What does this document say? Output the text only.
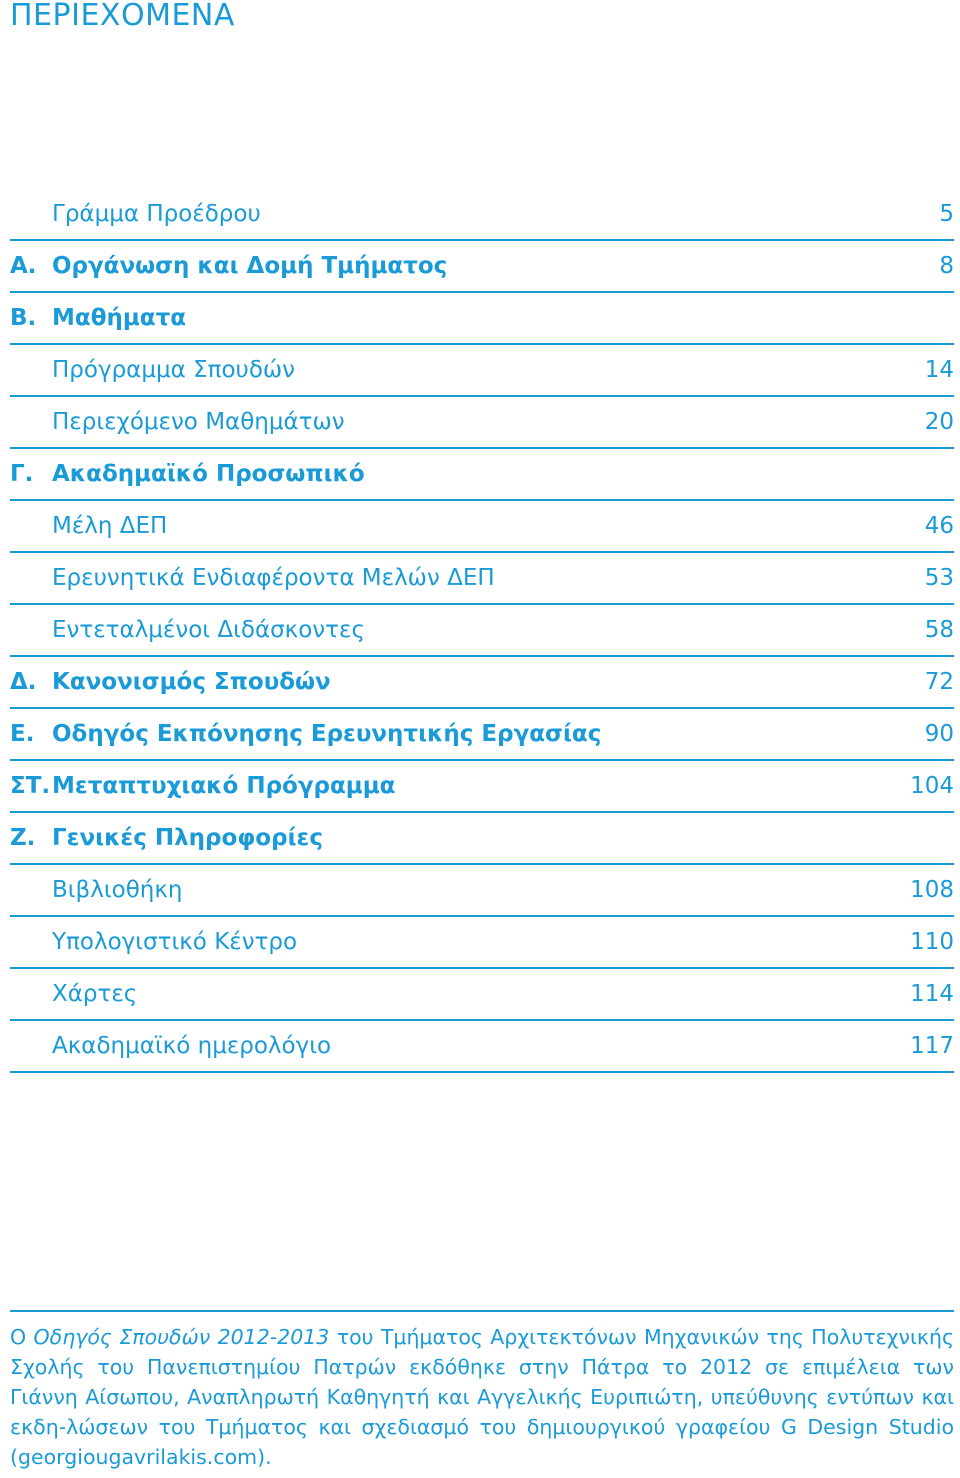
ΠΕΡΙΕΧΟΜΕΝΑ
Γράμμα Προέδρου	5
Α. Οργάνωση και Δομή Τμήματος	8
Β. Μαθήματα
Πρόγραμμα Σπουδών	14
Περιεχόμενο Μαθημάτων	20
Γ. Ακαδημαϊκό Προσωπικό
Μέλη ΔΕΠ	46
Ερευνητικά Ενδιαφέροντα Μελών ΔΕΠ	53
Εντεταλμένοι Διδάσκοντες	58
Δ. Κανονισμός Σπουδών	72
Ε. Οδηγός Εκπόνησης Ερευνητικής Εργασίας	90
ΣΤ. Μεταπτυχιακό Πρόγραμμα	104
Ζ. Γενικές Πληροφορίες
Βιβλιοθήκη	108
Υπολογιστικό Κέντρο	110
Χάρτες	114
Ακαδημαϊκό ημερολόγιο	117

Ο Οδηγός Σπουδών 2012-2013 του Τμήματος Αρχιτεκτόνων Μηχανικών της Πολυτεχνικής Σχολής του Πανεπιστημίου Πατρών εκδόθηκε στην Πάτρα το 2012 σε επιμέλεια των Γιάννη Αίσωπου, Αναπληρωτή Καθηγητή και Αγγελικής Ευριπιώτη, υπεύθυνης εντύπων και εκδη-λώσεων του Τμήματος και σχεδιασμό του δημιουργικού γραφείου G Design Studio (georgiougavrilakis.com).
